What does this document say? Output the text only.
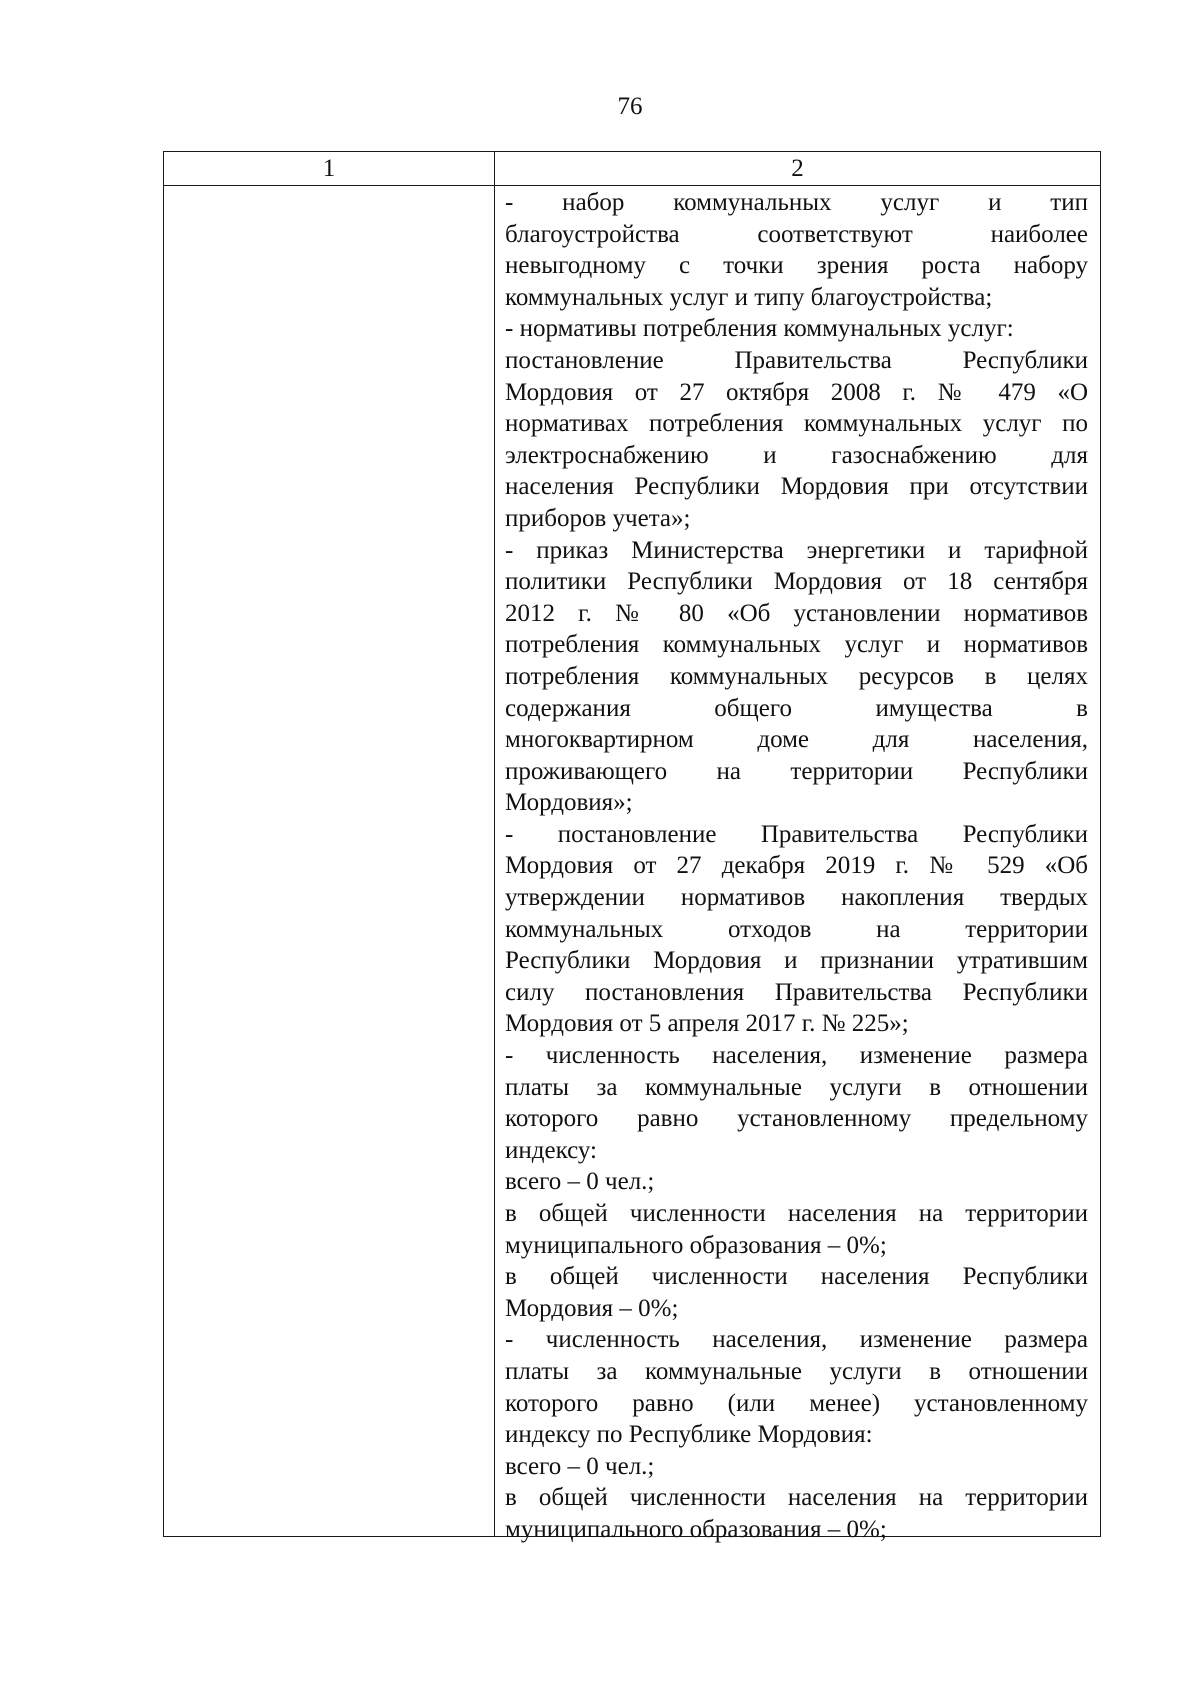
76
1	2
- набор коммунальных услуг и тип
благоустройства соответствуют наиболее
невыгодному с точки зрения роста набору
коммунальных услуг и типу благоустройства;
- нормативы потребления коммунальных услуг:
постановление Правительства Республики
Мордовия от 27 октября 2008 г. № 479 «О
нормативах потребления коммунальных услуг по
электроснабжению и газоснабжению для
населения Республики Мордовия при отсутствии
приборов учета»;
- приказ Министерства энергетики и тарифной
политики Республики Мордовия от 18 сентября
2012 г. № 80 «Об установлении нормативов
потребления коммунальных услуг и нормативов
потребления коммунальных ресурсов в целях
содержания общего имущества в
многоквартирном доме для населения,
проживающего на территории Республики
Мордовия»;
- постановление Правительства Республики
Мордовия от 27 декабря 2019 г. № 529 «Об
утверждении нормативов накопления твердых
коммунальных отходов на территории
Республики Мордовия и признании утратившим
силу постановления Правительства Республики
Мордовия от 5 апреля 2017 г. № 225»;
- численность населения, изменение размера
платы за коммунальные услуги в отношении
которого равно установленному предельному
индексу:
всего – 0 чел.;
в общей численности населения на территории
муниципального образования – 0%;
в общей численности населения Республики
Мордовия – 0%;
- численность населения, изменение размера
платы за коммунальные услуги в отношении
которого равно (или менее) установленному
индексу по Республике Мордовия:
всего – 0 чел.;
в общей численности населения на территории
муниципального образования – 0%;
